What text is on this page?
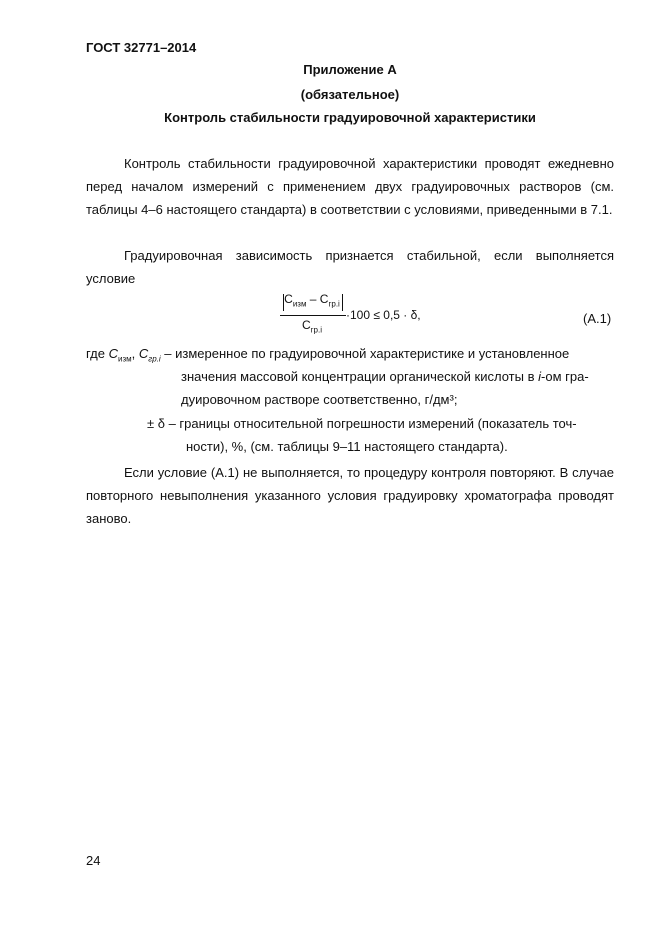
ГОСТ 32771–2014
Приложение А
(обязательное)
Контроль стабильности градуировочной характеристики
Контроль стабильности градуировочной характеристики проводят ежедневно перед началом измерений с применением двух градуировочных растворов (см. таблицы 4–6 настоящего стандарта) в соответствии с условиями, приведенными в 7.1.
Градуировочная зависимость признается стабильной, если выполняется условие
$С_{изм} - С_{гр.i}$
$С_{гр.i}$
·100 ≤ 0,5 · δ,	(А.1)
где $С_{изм}$, $С_{гр.i}$ – измеренное по градуировочной характеристике и установленное
значения массовой концентрации органической кислоты в i-ом гра-
дуировочном растворе соответственно, г/дм³;
± δ – границы относительной погрешности измерений (показатель точ-
ности), %, (см. таблицы 9–11 настоящего стандарта).
Если условие (А.1) не выполняется, то процедуру контроля повторяют. В случае повторного невыполнения указанного условия градуировку хроматографа проводят заново.
24
